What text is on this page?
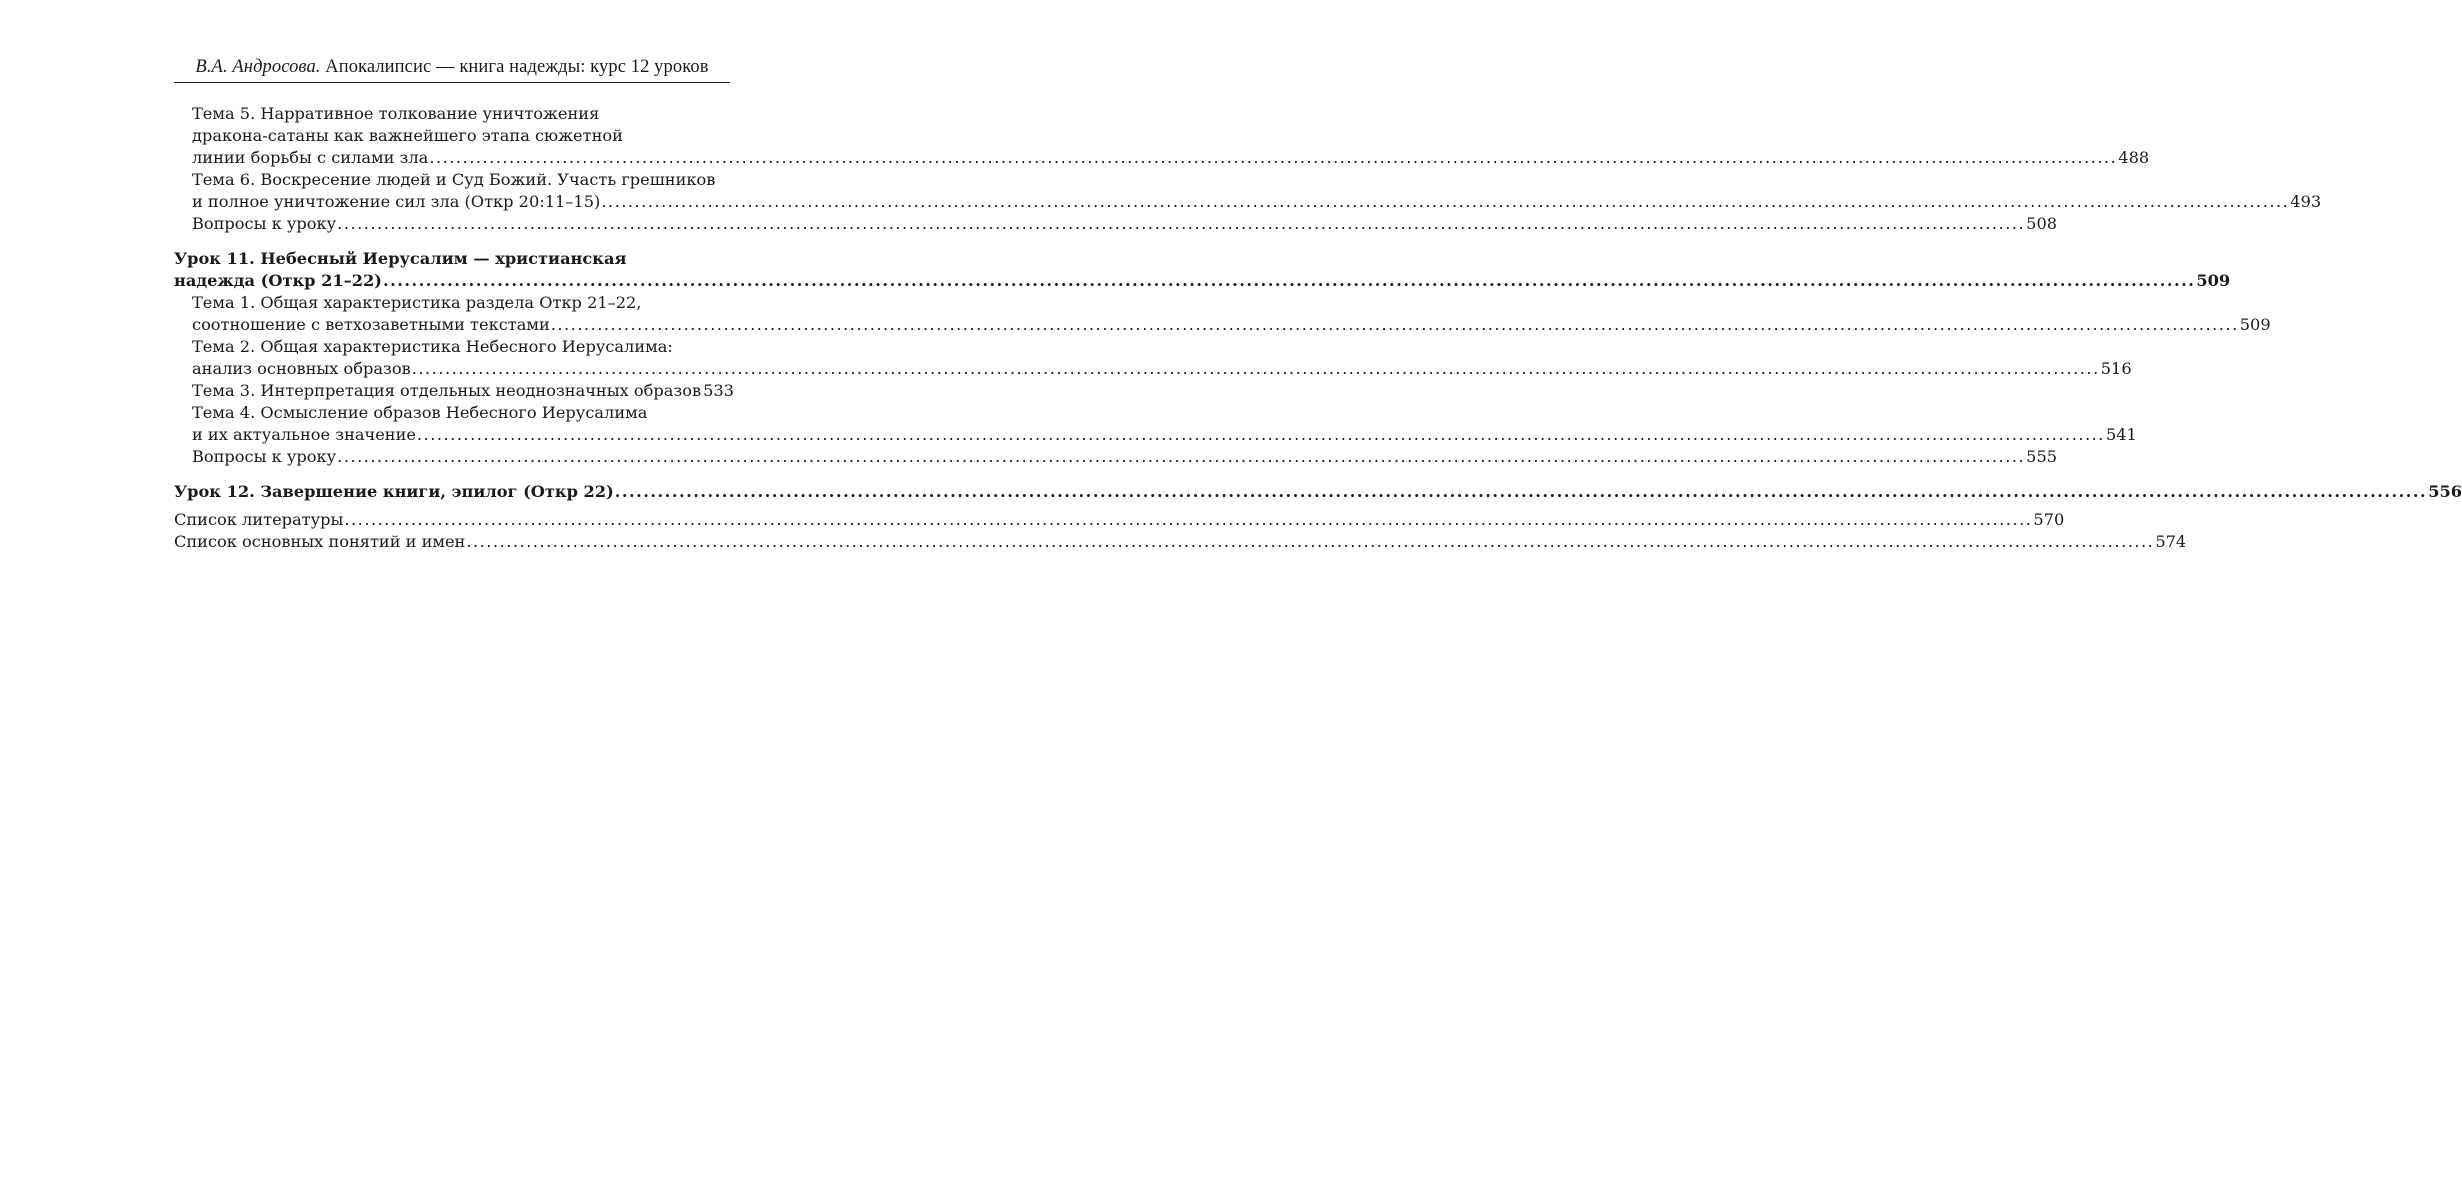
В.А. Андросова. Апокалипсис — книга надежды: курс 12 уроков
Тема 5. Нарративное толкование уничтожения
дракона-сатаны как важнейшего этапа сюжетной
линии борьбы с силами зла .....	488
Тема 6. Воскресение людей и Суд Божий. Участь грешников
и полное уничтожение сил зла (Откр 20:11–15) .....	493
Вопросы к уроку .....	508
Урок 11. Небесный Иерусалим — христианская
надежда (Откр 21–22) .....	509
Тема 1. Общая характеристика раздела Откр 21–22,
соотношение с ветхозаветными текстами .....	509
Тема 2. Общая характеристика Небесного Иерусалима:
анализ основных образов .....	516
Тема 3. Интерпретация отдельных неоднозначных образов 533
Тема 4. Осмысление образов Небесного Иерусалима
и их актуальное значение .....	541
Вопросы к уроку .....	555
Урок 12. Завершение книги, эпилог (Откр 22) .....	556
Список литературы .....	570
Список основных понятий и имен .....	574
